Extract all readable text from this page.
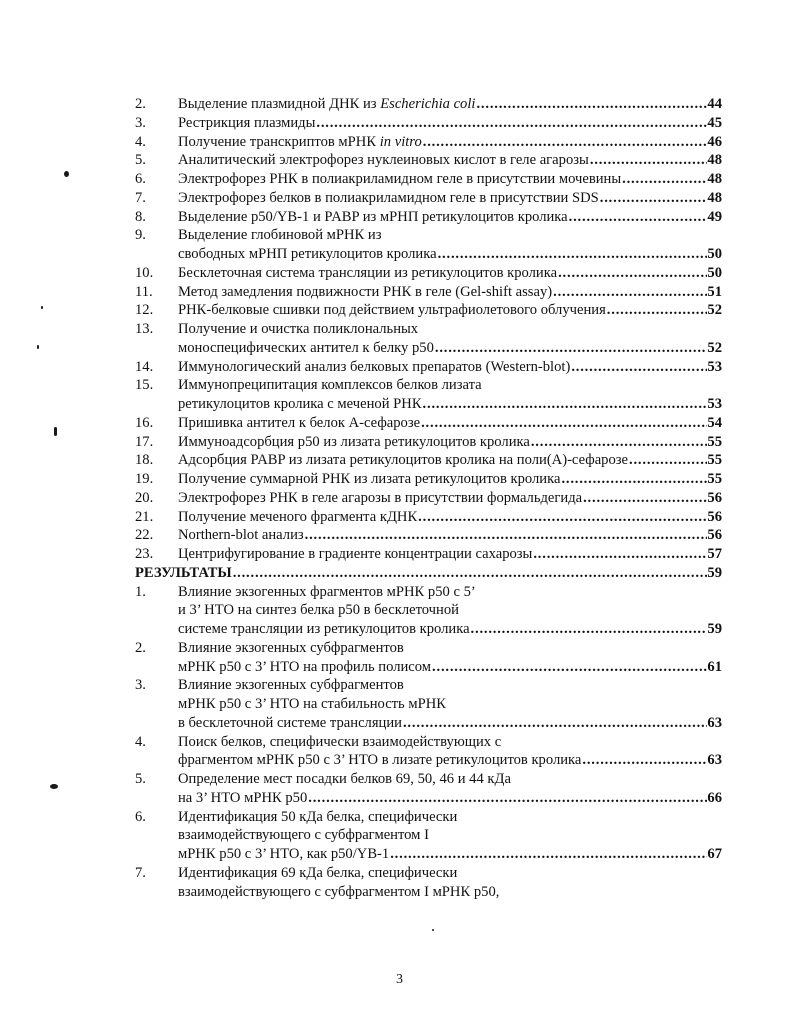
2. Выделение плазмидной ДНК из Escherichia coli .....	44
3. Рестрикция плазмиды .....	45
4. Получение транскриптов мРНК in vitro .....	46
5. Аналитический электрофорез нуклеиновых кислот в геле агарозы .....	48
6. Электрофорез РНК в полиакриламидном геле в присутствии мочевины .....	48
7. Электрофорез белков в полиакриламидном геле в присутствии SDS .....	48
8. Выделение p50/YB-1 и PABP из мРНП ретикулоцитов кролика .....	49
9. Выделение глобиновой мРНК из
свободных мРНП ретикулоцитов кролика .....	50
10. Бесклеточная система трансляции из ретикулоцитов кролика .....	50
11. Метод замедления подвижности РНК в геле (Gel-shift assay) .....	51
12. РНК-белковые сшивки под действием ультрафиолетового облучения .....	52
13. Получение и очистка поликлональных
моноспецифических антител к белку p50 .....	52
14. Иммунологический анализ белковых препаратов (Western-blot) .....	53
15. Иммунопреципитация комплексов белков лизата
ретикулоцитов кролика с меченой РНК .....	53
16. Пришивка антител к белок А-сефарозе .....	54
17. Иммуноадсорбция p50 из лизата ретикулоцитов кролика .....	55
18. Адсорбция PABP из лизата ретикулоцитов кролика на поли(А)-сефарозе .....	55
19. Получение суммарной РНК из лизата ретикулоцитов кролика .....	55
20. Электрофорез РНК в геле агарозы в присутствии формальдегида .....	56
21. Получение меченого фрагмента кДНК .....	56
22. Northern-blot анализ .....	56
23. Центрифугирование в градиенте концентрации сахарозы .....	57
РЕЗУЛЬТАТЫ .....	59
1. Влияние экзогенных фрагментов мРНК p50 с 5’
и 3’ НТО на синтез белка p50 в бесклеточной
системе трансляции из ретикулоцитов кролика .....	59
2. Влияние экзогенных субфрагментов
мРНК p50 с 3’ НТО на профиль полисом .....	61
3. Влияние экзогенных субфрагментов
мРНК p50 с 3’ НТО на стабильность мРНК
в бесклеточной системе трансляции .....	63
4. Поиск белков, специфически взаимодействующих с
фрагментом мРНК p50 с 3’ НТО в лизате ретикулоцитов кролика .....	63
5. Определение мест посадки белков 69, 50, 46 и 44 кДа
на 3’ НТО мРНК p50 .....	66
6. Идентификация 50 кДа белка, специфически
взаимодействующего с субфрагментом I
мРНК p50 с 3’ НТО, как p50/YB-1 .....	67
7. Идентификация 69 кДа белка, специфически
взаимодействующего с субфрагментом I мРНК p50,
3
